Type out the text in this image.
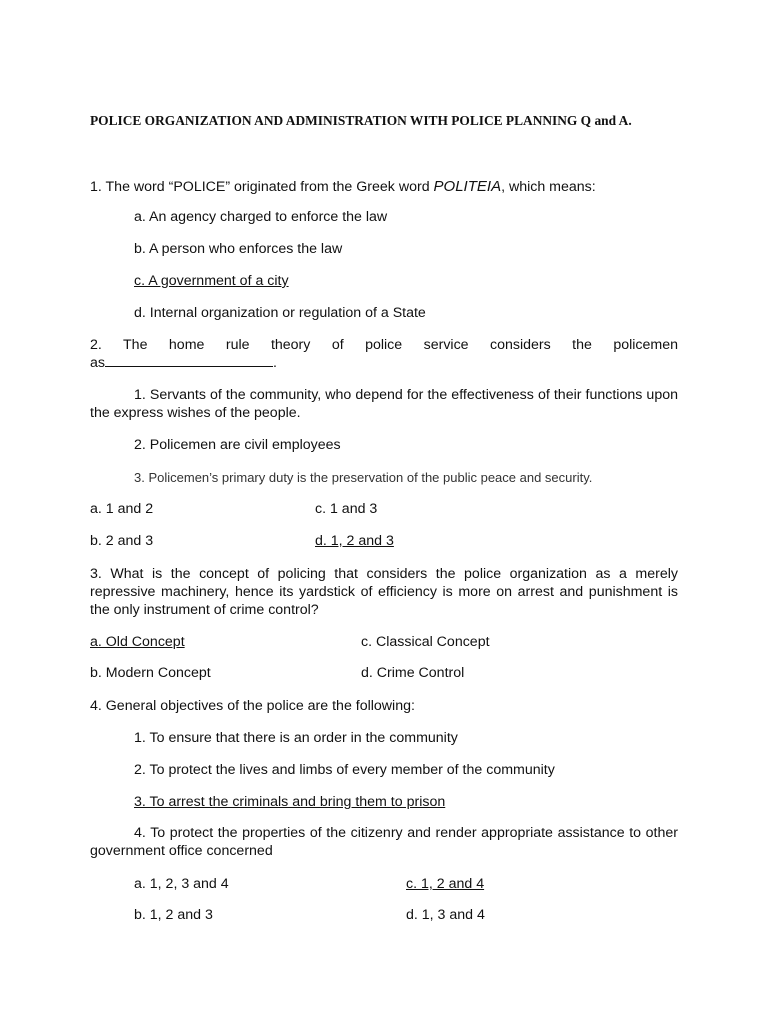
POLICE ORGANIZATION AND ADMINISTRATION WITH POLICE PLANNING Q and A.
1. The word “POLICE” originated from the Greek word POLITEIA, which means:
a. An agency charged to enforce the law
b. A person who enforces the law
c. A government of a city
d. Internal organization or regulation of a State
2. The home rule theory of police service considers the policemen
as	.
1. Servants of the community, who depend for the effectiveness of their functions upon the express wishes of the people.
2. Policemen are civil employees
3. Policemen’s primary duty is the preservation of the public peace and security.
a. 1 and 2	c. 1 and 3
b. 2 and 3	d. 1, 2 and 3
3. What is the concept of policing that considers the police organization as a merely repressive machinery, hence its yardstick of efficiency is more on arrest and punishment is the only instrument of crime control?
a. Old Concept	c. Classical Concept
b. Modern Concept	d. Crime Control
4. General objectives of the police are the following:
1. To ensure that there is an order in the community
2. To protect the lives and limbs of every member of the community
3. To arrest the criminals and bring them to prison
4. To protect the properties of the citizenry and render appropriate assistance to other government office concerned
a. 1, 2, 3 and 4	c. 1, 2 and 4
b. 1, 2 and 3	d. 1, 3 and 4
